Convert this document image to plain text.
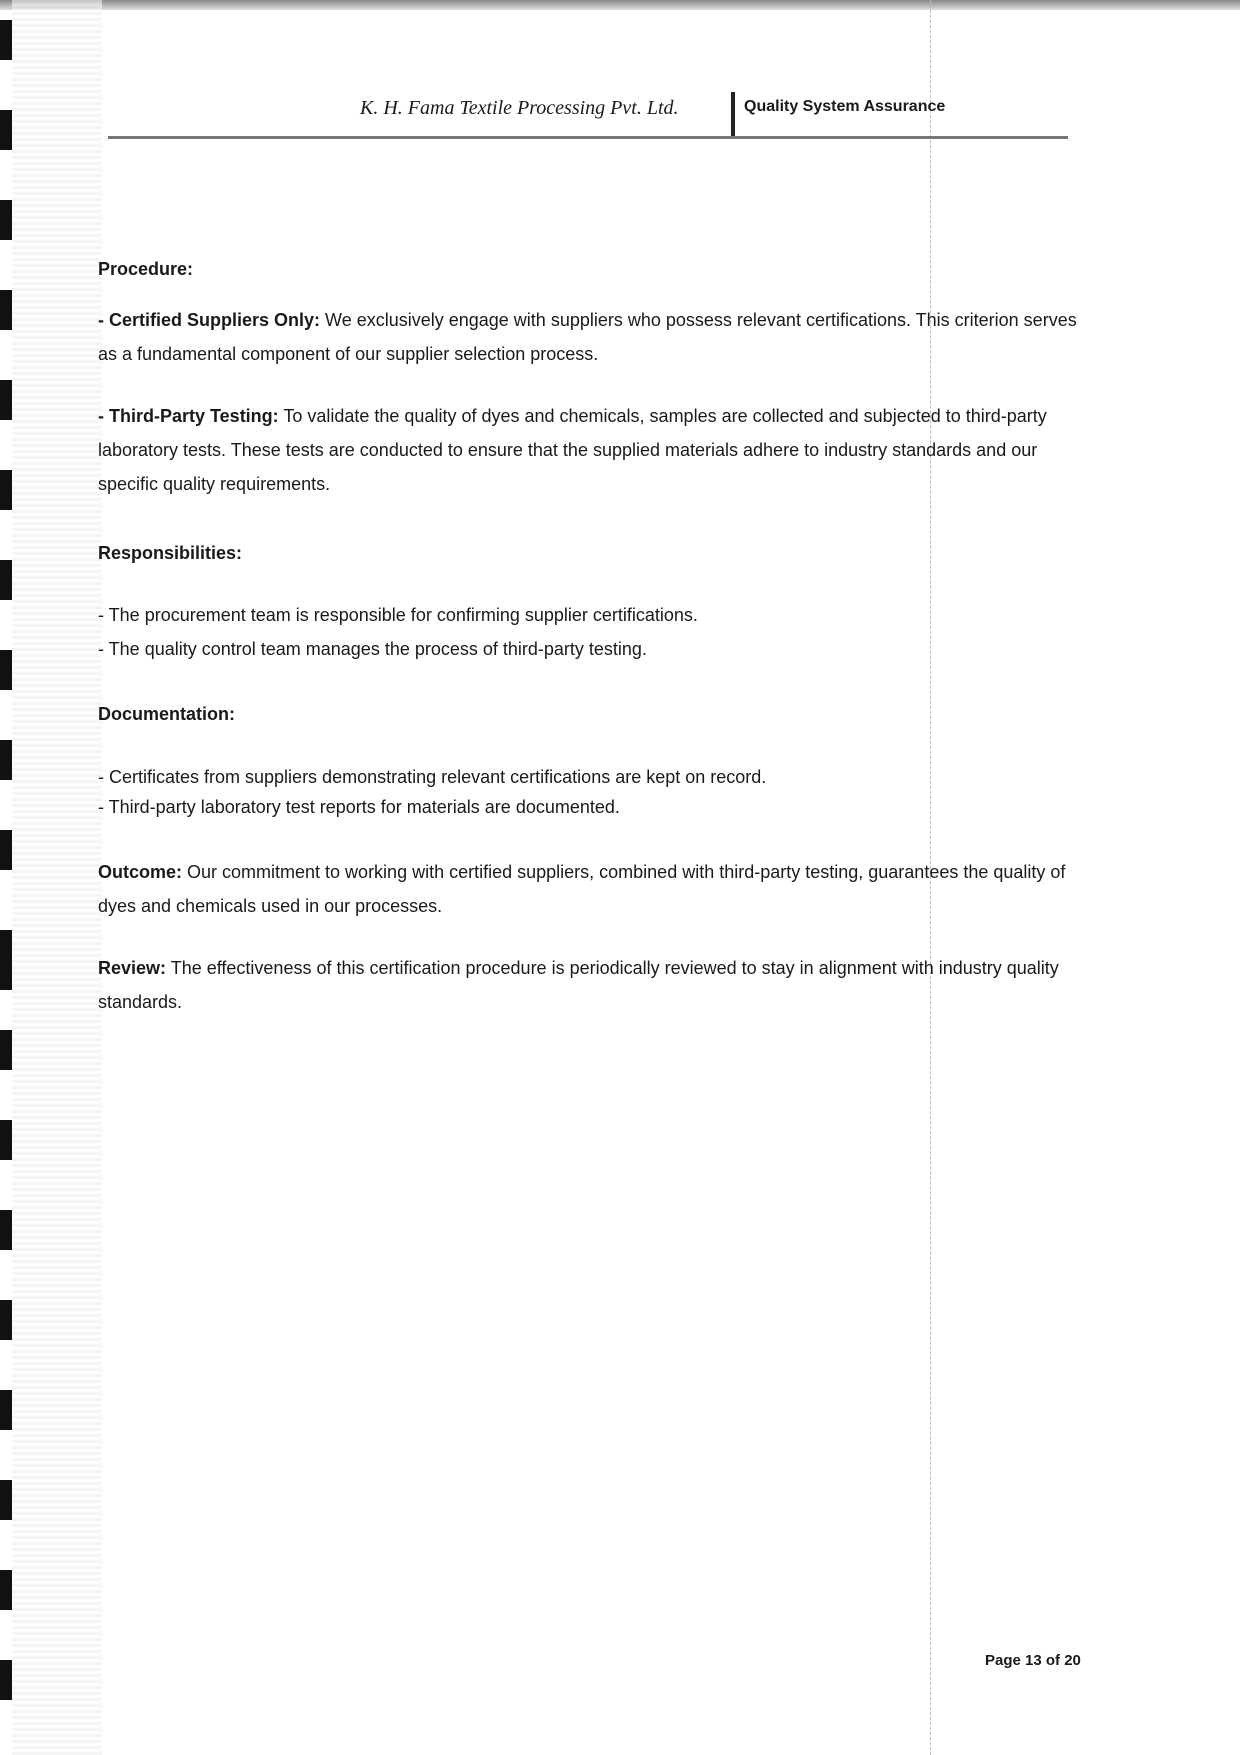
K. H. Fama Textile Processing Pvt. Ltd.	Quality System Assurance
Procedure:
- Certified Suppliers Only: We exclusively engage with suppliers who possess relevant certifications. This criterion serves as a fundamental component of our supplier selection process.
- Third-Party Testing: To validate the quality of dyes and chemicals, samples are collected and subjected to third-party laboratory tests. These tests are conducted to ensure that the supplied materials adhere to industry standards and our specific quality requirements.
Responsibilities:
- The procurement team is responsible for confirming supplier certifications.
- The quality control team manages the process of third-party testing.
Documentation:
- Certificates from suppliers demonstrating relevant certifications are kept on record.
- Third-party laboratory test reports for materials are documented.
Outcome: Our commitment to working with certified suppliers, combined with third-party testing, guarantees the quality of dyes and chemicals used in our processes.
Review: The effectiveness of this certification procedure is periodically reviewed to stay in alignment with industry quality standards.
Page 13 of 20
